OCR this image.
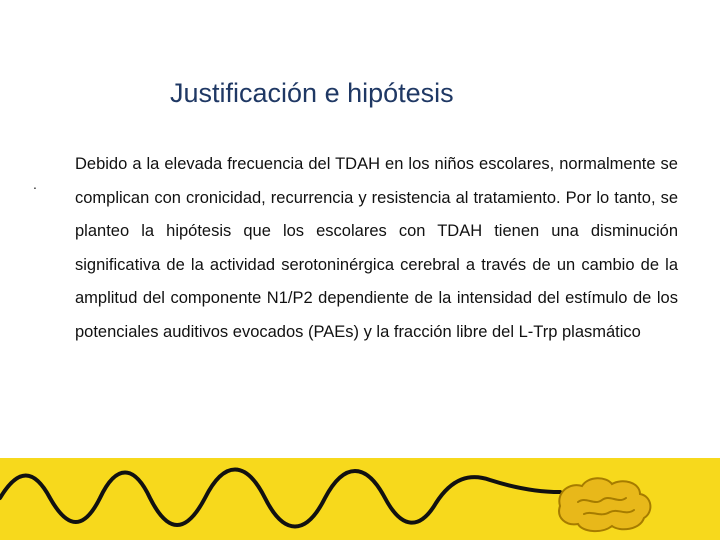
Justificación e hipótesis
.

Debido a la elevada frecuencia del TDAH en los niños escolares, normalmente se complican con cronicidad, recurrencia y resistencia al tratamiento. Por lo tanto, se planteo la hipótesis que los escolares con TDAH tienen una disminución significativa de la actividad serotoninérgica cerebral a través de un cambio de la amplitud del componente N1/P2 dependiente de la intensidad del estímulo de los potenciales auditivos evocados (PAEs) y la fracción libre del L-Trp plasmático
